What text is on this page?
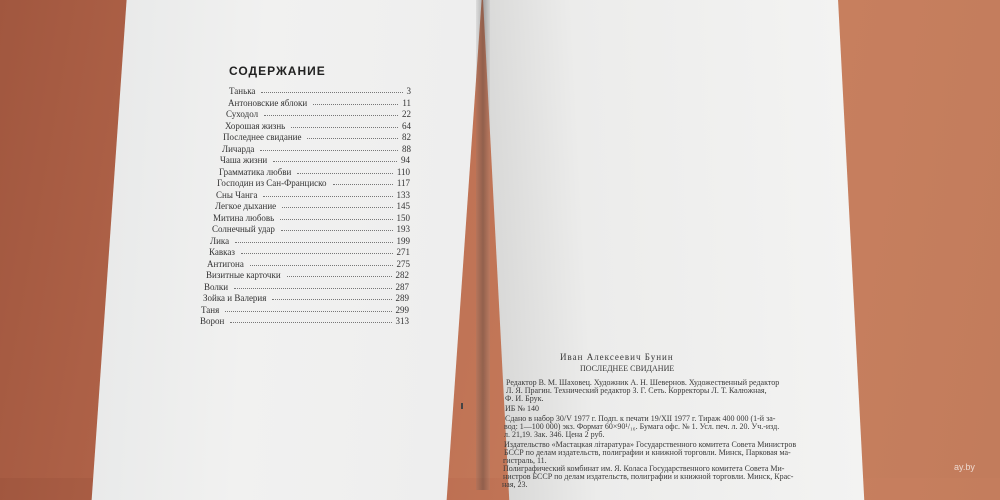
СОДЕРЖАНИЕ
Танька	3
Антоновские яблоки	11
Суходол	22
Хорошая жизнь	64
Последнее свидание	82
Личарда	88
Чаша жизни	94
Грамматика любви	110
Господин из Сан-Франциско	117
Сны Чанга	133
Легкое дыхание	145
Митина любовь	150
Солнечный удар	193
Лика	199
Кавказ	271
Антигона	275
Визитные карточки	282
Волки	287
Зойка и Валерия	289
Таня	299
Ворон	313
Иван Алексеевич Бунин
ПОСЛЕДНЕЕ СВИДАНИЕ
Редактор В. М. Шаховец. Художник А. Н. Шевернов. Художественный редактор
Л. Я. Прагин. Технический редактор З. Г. Сеть. Корректоры Л. Т. Калюжная,
Ф. И. Брук.
ИБ № 140
Сдано в набор 30/V 1977 г. Подп. к печати 19/XII 1977 г. Тираж 400 000 (1-й за-
вод: 1—100 000) экз. Формат 60×90¹/₁₆. Бумага офс. № 1. Усл. печ. л. 20. Уч.-изд.
л. 21,19. Зак. 346. Цена 2 руб.
Издательство «Мастацкая літаратура» Государственного комитета Совета Министров
БССР по делам издательств, полиграфии и книжной торговли. Минск, Парковая ма-
гистраль, 11.
Полиграфический комбинат им. Я. Коласа Государственного комитета Совета Ми-
нистров БССР по делам издательств, полиграфии и книжной торговли. Минск, Крас-
ная, 23.
ay.by
